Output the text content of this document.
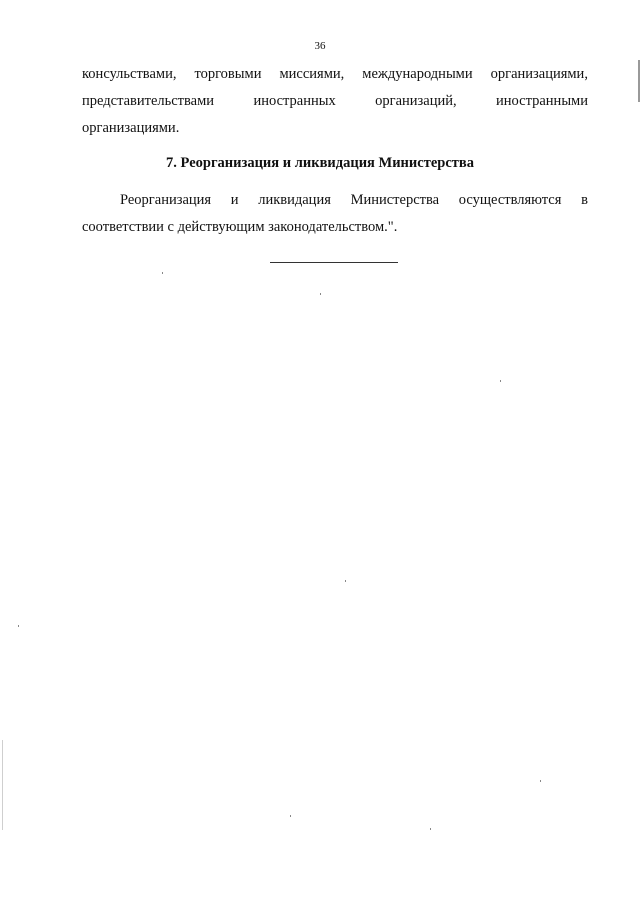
36
консульствами, торговыми миссиями, международными организациями,
представительствами	иностранных	организаций,	иностранными
организациями.
7. Реорганизация и ликвидация Министерства
Реорганизация и ликвидация Министерства осуществляются в
соответствии с действующим законодательством.".
